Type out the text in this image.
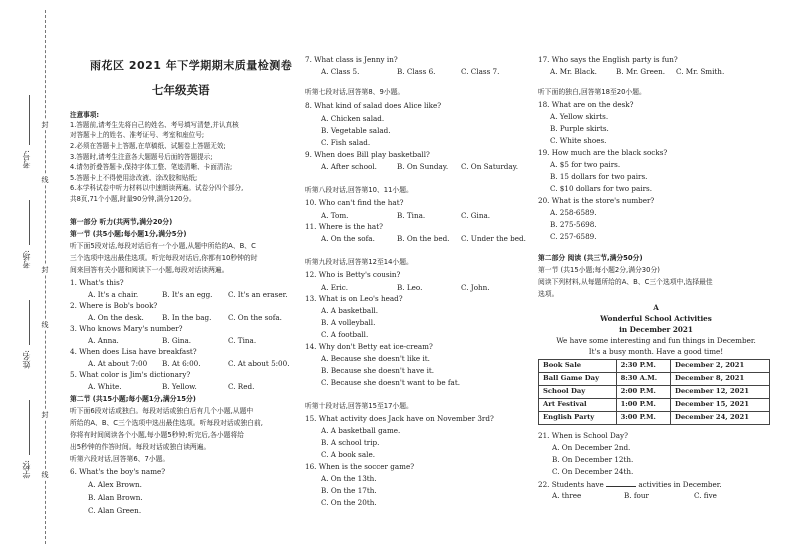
考号:
考场:
姓名:
学校:
封
线
封
线
封
线
雨花区 2021 年下学期期末质量检测卷
七年级英语
注意事项:
1.答题前,请考生先将自己的姓名、考号填写清楚,并认真核
对答题卡上的姓名、准考证号、考室和座位号;
2.必须在答题卡上答题,在草稿纸、试题卷上答题无效;
3.答题时,请考生注意各大题题号后面的答题提示;
4.请勿折叠答题卡,保持字体工整、笔迹清晰、卡面清洁;
5.答题卡上不得使用涂改液、涂改胶和贴纸;
6.本学科试卷中听力材料以中速朗读两遍。试卷分四个部分,
共8页,71个小题,时量90分钟,满分120分。
第一部分 听力(共两节,满分20分)
第一节 (共5小题;每小题1分,满分5分)
听下面5段对话,每段对话后有一个小题,从题中所给的A、B、C
三个选项中选出最佳选项。听完每段对话后,你都有10秒钟的时
间来回答有关小题和阅读下一小题,每段对话读两遍。
1. What's this?
A. It's a chair.	B. It's an egg. C. It's an eraser.
2. Where is Bob's book?
A. On the desk.	B. In the bag. C. On the sofa.
3. Who knows Mary's number?
A. Anna.	B. Gina.	C. Tina.
4. When does Lisa have breakfast?
A. At about 7:00 B. At 6:00.	C. At about 5:00.
5. What color is Jim's dictionary?
A. White.	B. Yellow.	C. Red.
第二节 (共15小题;每小题1分,满分15分)
听下面6段对话或独白。每段对话或独白后有几个小题,从题中
所给的A、B、C三个选项中选出最佳选项。听每段对话或独白前,
你将有时间阅读各个小题,每小题5秒钟;听完后,各小题将给
出5秒钟的作答时间。每段对话或独白读两遍。
听第六段对话,回答第6、7小题。
6. What's the boy's name?
A. Alex Brown.
B. Alan Brown.
C. Alan Green.
7. What class is Jenny in?
A. Class 5.	B. Class 6.	C. Class 7.
听第七段对话,回答第8、9小题。
8. What kind of salad does Alice like?
A. Chicken salad.
B. Vegetable salad.
C. Fish salad.
9. When does Bill play basketball?
A. After school.	B. On Sunday. C. On Saturday.
听第八段对话,回答第10、11小题。
10. Who can't find the hat?
A. Tom.	B. Tina.	C. Gina.
11. Where is the hat?
A. On the sofa.	B. On the bed. C. Under the bed.
听第九段对话,回答第12至14小题。
12. Who is Betty's cousin?
A. Eric.	B. Leo.	C. John.
13. What is on Leo's head?
A. A basketball.
B. A volleyball.
C. A football.
14. Why don't Betty eat ice-cream?
A. Because she doesn't like it.
B. Because she doesn't have it.
C. Because she doesn't want to be fat.
听第十段对话,回答第15至17小题。
15. What activity does Jack have on November 3rd?
A. A basketball game.
B. A school trip.
C. A book sale.
16. When is the soccer game?
A. On the 13th.
B. On the 17th.
C. On the 20th.
17. Who says the English party is fun?
A. Mr. Black.	B. Mr. Green. C. Mr. Smith.
听下面的独白,回答第18至20小题。
18. What are on the desk?
A. Yellow skirts.
B. Purple skirts.
C. White shoes.
19. How much are the black socks?
A. $5 for two pairs.
B. 15 dollars for two pairs.
C. $10 dollars for two pairs.
20. What is the store's number?
A. 258-6589.
B. 275-5698.
C. 257-6589.
第二部分 阅读 (共三节,满分50分)
第一节 (共15小题;每小题2分,满分30分)
阅读下列材料,从每题所给的A、B、C三个选项中,选择最佳
选项。
A
Wonderful School Activities
in December 2021
We have some interesting and fun things in December.
It's a busy month. Have a good time!
Book Sale	2:30 P.M.	December 2, 2021
Ball Game Day	8:30 A.M.	December 8, 2021
School Day	2:00 P.M.	December 12, 2021
Art Festival	1:00 P.M.	December 15, 2021
English Party	3:00 P.M.	December 24, 2021
21. When is School Day?
A. On December 2nd.
B. On December 12th.
C. On December 24th.
22. Students have	activities in December.
A. three	B. four	C. five
